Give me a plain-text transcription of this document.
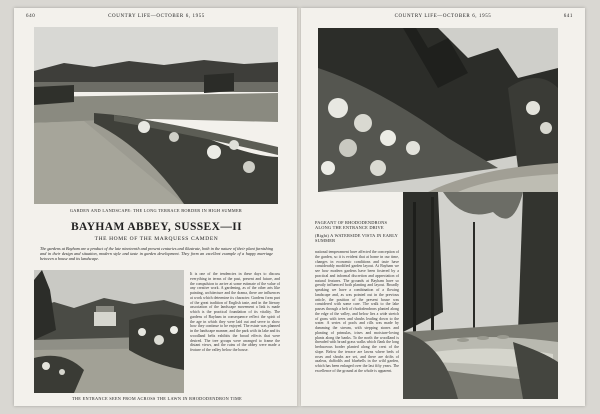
640	COUNTRY LIFE—OCTOBER 6, 1955
GARDEN AND LANDSCAPE: THE LONG TERRACE BORDER IN HIGH SUMMER
BAYHAM ABBEY, SUSSEX—II
THE HOME OF THE MARQUESS CAMDEN
The gardens at Bayham are a product of the late nineteenth and present centuries and illustrate, both in the nature of their plant furnishing and in their design and situation, modern style and taste in garden development. They form an excellent example of a happy marriage between a house and its landscape.
It is one of the tendencies in these days to discuss everything in terms of the past, present and future, and the compulsion to arrive at some estimate of the value of any creative work. A gardening, as of the other arts like painting, architecture and the drama, there are influences at work which determine its character. Gardens form part of the great tradition of English taste, and in the literary association of the landscape movement a link is made which is the practical foundation of its vitality. The gardens of Bayham in consequence reflect the spirit of the age in which they were laid out and serve to show how they continue to be enjoyed. The estate was planned in the landscape manner, and the park with its lake and its woodland belts exhibits the broad effects that were desired. The tree groups were arranged to frame the distant views, and the ruins of the abbey were made a feature of the valley below the house.
THE ENTRANCE SEEN FROM ACROSS THE LAWN IN RHODODENDRON TIME
COUNTRY LIFE—OCTOBER 6, 1955	641
PAGEANT OF RHODODENDRONS ALONG THE ENTRANCE DRIVE
(Right) A WATERSIDE VISTA IN EARLY SUMMER
national temperament have affected the conception of the garden, so it is evident that at home in our time, changes in economic conditions and taste have considerably modified garden layout. At Bayham we see how modern gardens have been fostered by a practical and informal discretion and appreciation of natural features. The grounds at Bayham have so greatly influenced both planting and layout. Broadly speaking we have a combination of a flowing landscape and, as was pointed out in the previous article, the position of the present house was considered with some care. The walk to the lake passes through a belt of rhododendrons planted along the edge of the valley, and below lies a wide stretch of grass with trees and shrubs leading down to the water. A series of pools and rills was made by damming the stream, with stepping stones and planting of primulas, irises and moisture-loving plants along the banks. To the north the woodland is threaded with broad grass walks which flank the long herbaceous border planted along the crest of the slope. Below the terrace are lawns where beds of roses and shrubs are set, and there are drifts of azaleas, daffodils and bluebells in the wild garden, which has been enlarged over the last fifty years. The excellence of the ground at the whole is apparent.
